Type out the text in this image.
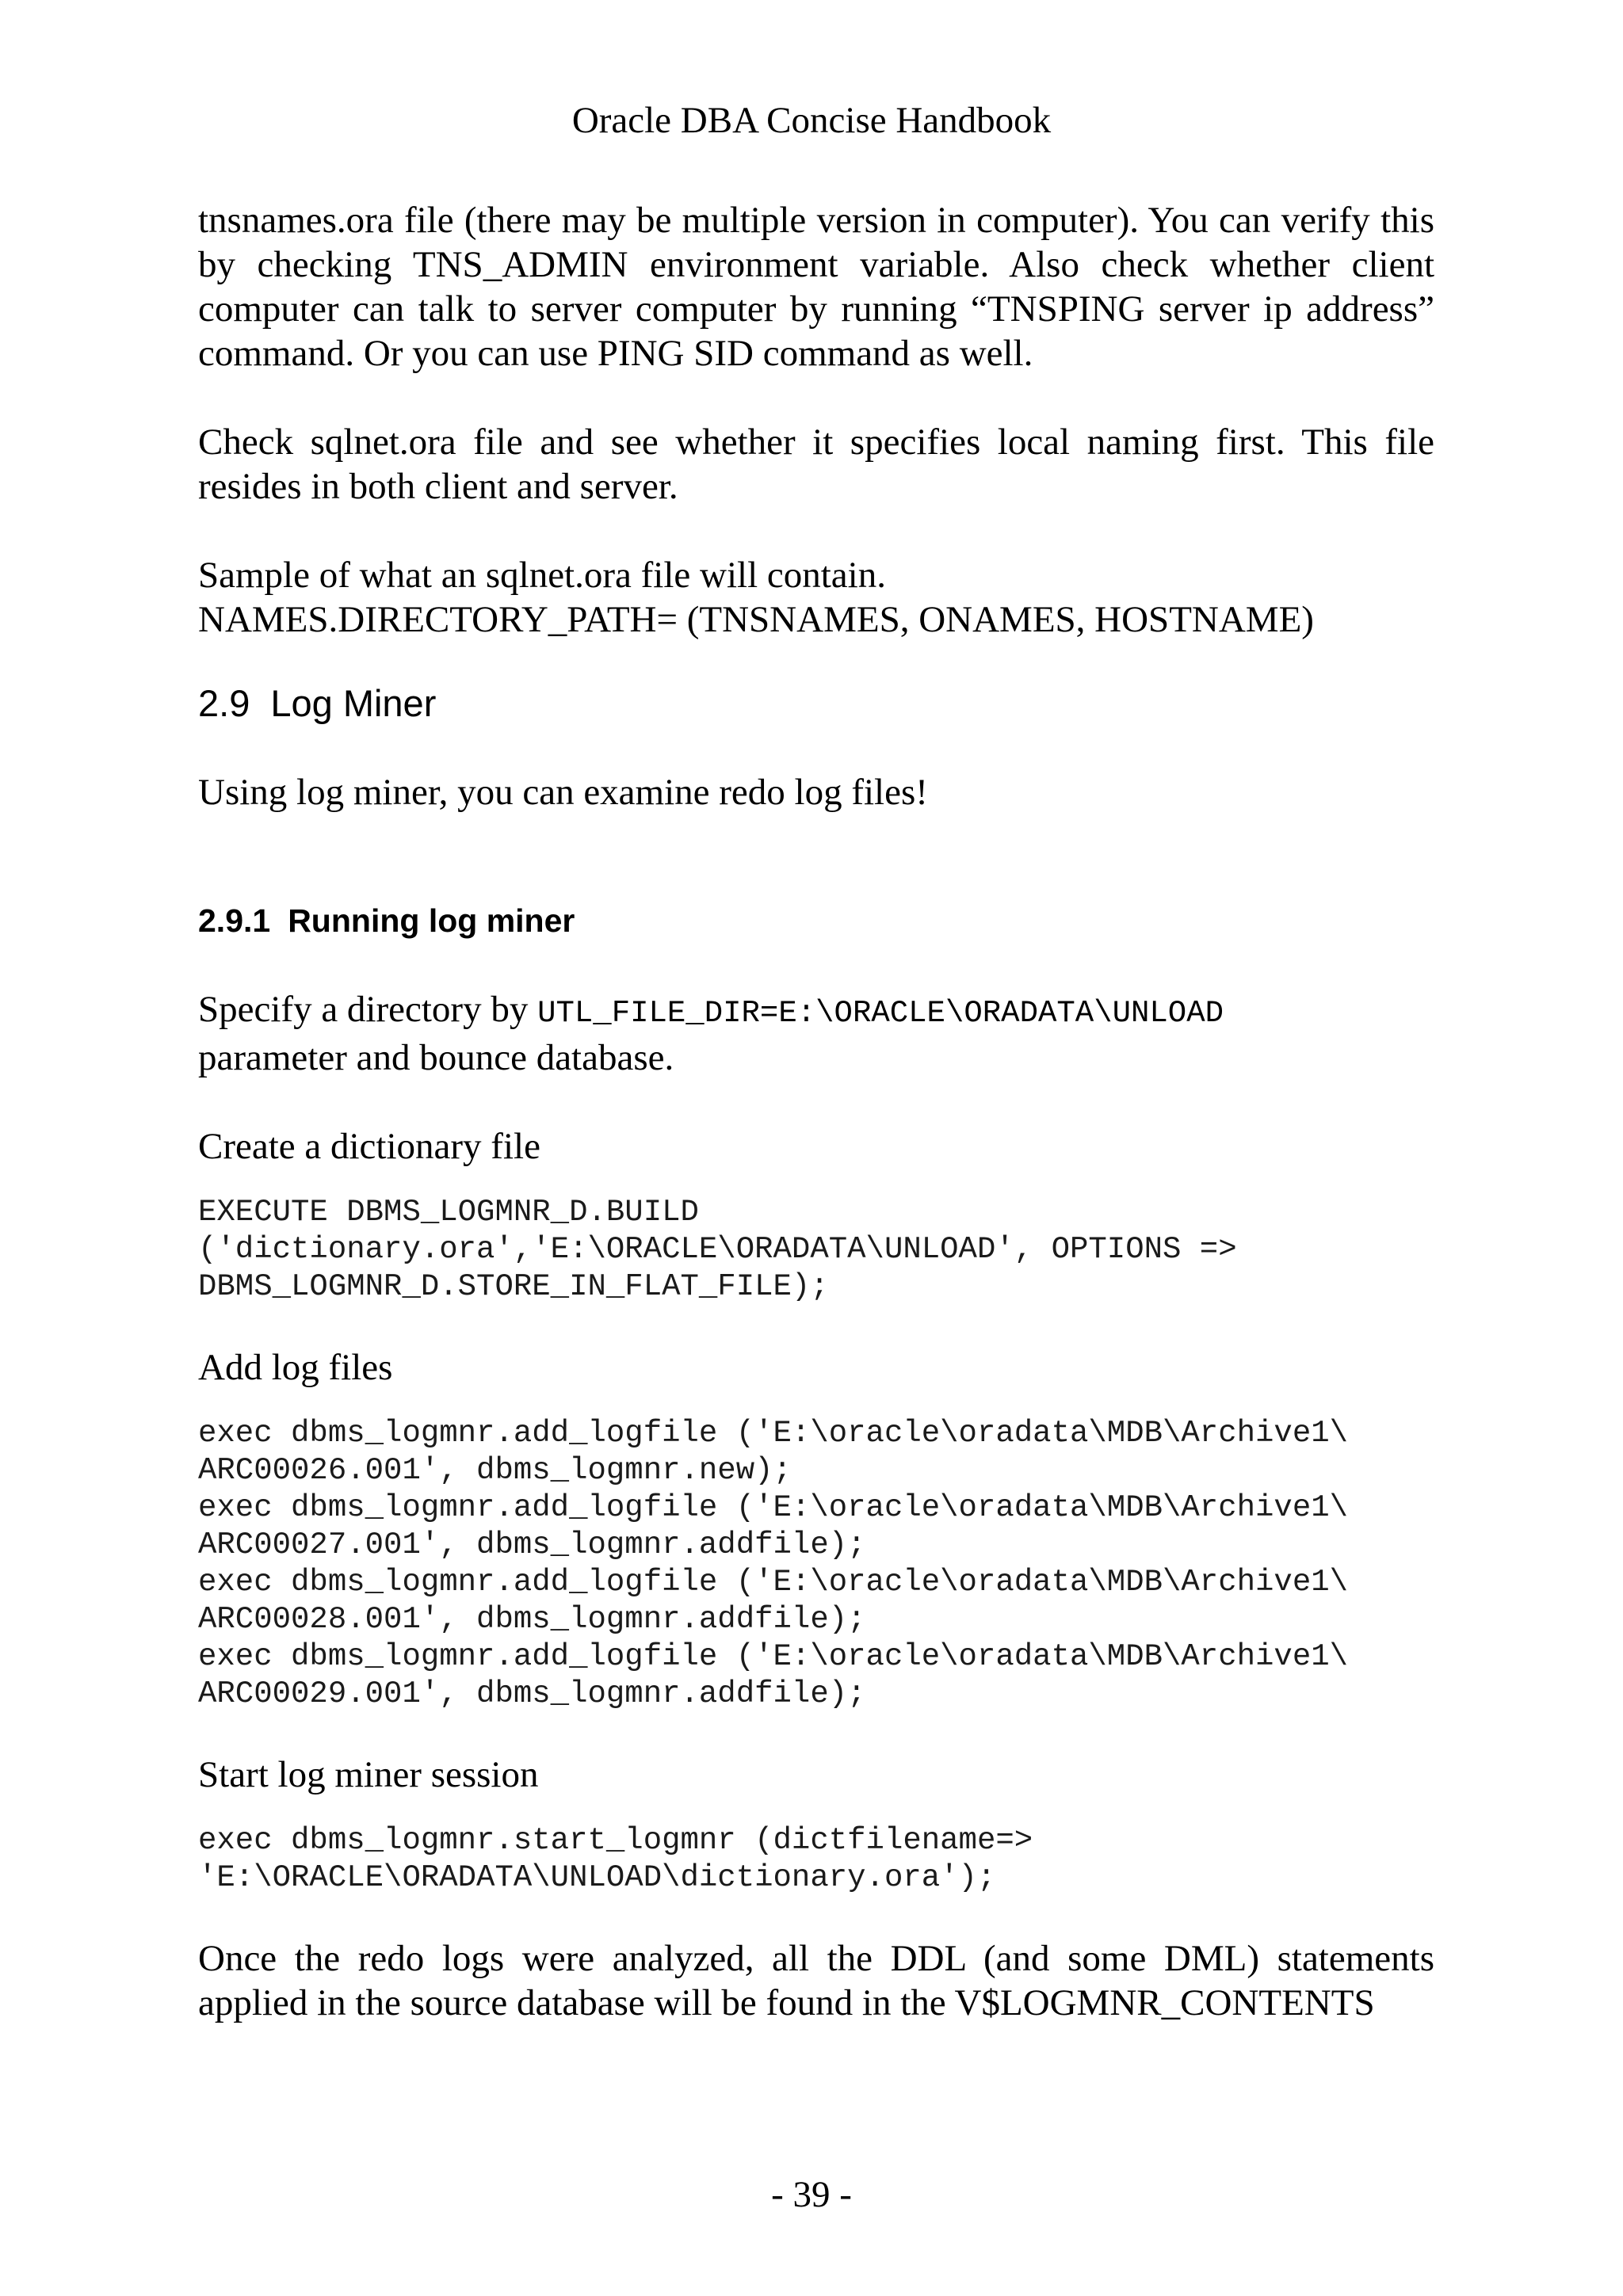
Oracle DBA Concise Handbook

tnsnames.ora file (there may be multiple version in computer). You can verify this by checking TNS_ADMIN environment variable. Also check whether client computer can talk to server computer by running “TNSPING server ip address” command. Or you can use PING SID command as well.

Check sqlnet.ora file and see whether it specifies local naming first. This file resides in both client and server.

Sample of what an sqlnet.ora file will contain.

NAMES.DIRECTORY_PATH= (TNSNAMES, ONAMES, HOSTNAME)

2.9 Log Miner

Using log miner, you can examine redo log files!

2.9.1 Running log miner

Specify a directory by UTL_FILE_DIR=E:\ORACLE\ORADATA\UNLOAD

parameter and bounce database.

Create a dictionary file

EXECUTE DBMS_LOGMNR_D.BUILD
('dictionary.ora','E:\ORACLE\ORADATA\UNLOAD', OPTIONS =>
DBMS_LOGMNR_D.STORE_IN_FLAT_FILE);

Add log files

exec dbms_logmnr.add_logfile ('E:\oracle\oradata\MDB\Archive1\
ARC00026.001', dbms_logmnr.new);
exec dbms_logmnr.add_logfile ('E:\oracle\oradata\MDB\Archive1\
ARC00027.001', dbms_logmnr.addfile);
exec dbms_logmnr.add_logfile ('E:\oracle\oradata\MDB\Archive1\
ARC00028.001', dbms_logmnr.addfile);
exec dbms_logmnr.add_logfile ('E:\oracle\oradata\MDB\Archive1\
ARC00029.001', dbms_logmnr.addfile);

Start log miner session

exec dbms_logmnr.start_logmnr (dictfilename=>
'E:\ORACLE\ORADATA\UNLOAD\dictionary.ora');

Once the redo logs were analyzed, all the DDL (and some DML) statements applied in the source database will be found in the V$LOGMNR_CONTENTS

- 39 -
